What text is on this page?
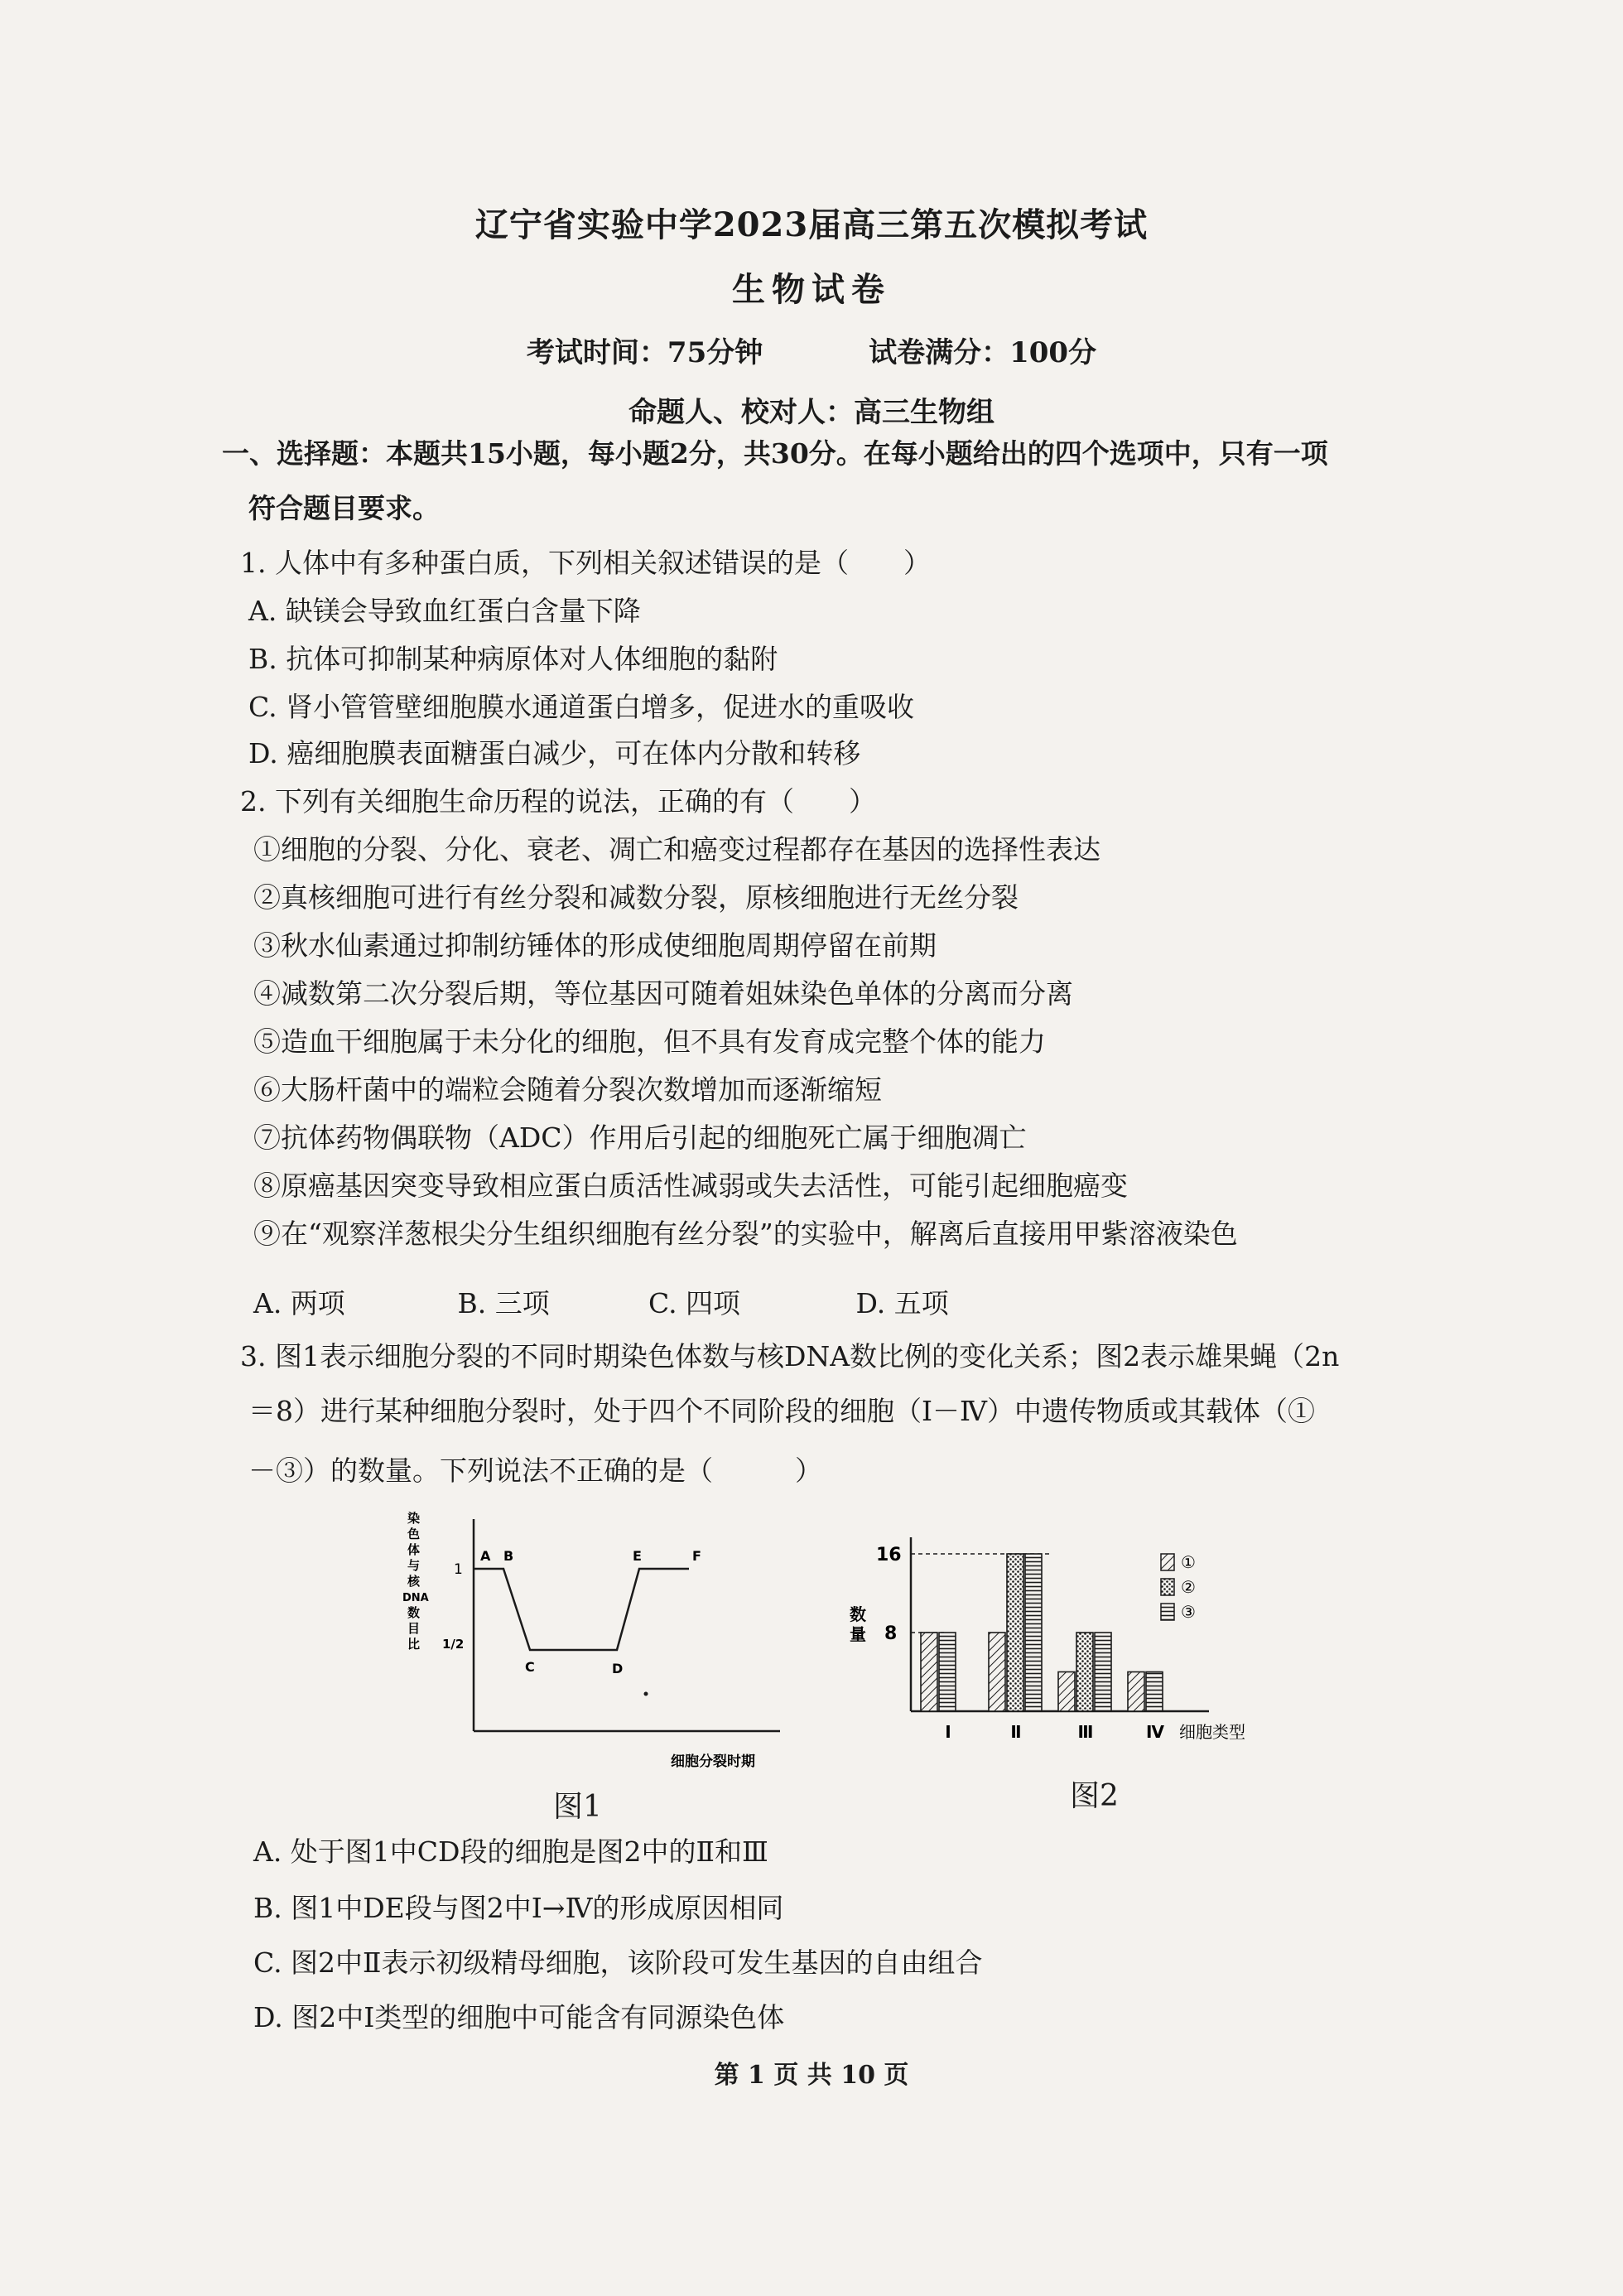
辽宁省实验中学2023届高三第五次模拟考试
生物试卷
考试时间：75分钟	试卷满分：100分
命题人、校对人：高三生物组
一、选择题：本题共15小题，每小题2分，共30分。在每小题给出的四个选项中，只有一项
符合题目要求。
1. 人体中有多种蛋白质，下列相关叙述错误的是（　　）
A. 缺镁会导致血红蛋白含量下降
B. 抗体可抑制某种病原体对人体细胞的黏附
C. 肾小管管壁细胞膜水通道蛋白增多，促进水的重吸收
D. 癌细胞膜表面糖蛋白减少，可在体内分散和转移
2. 下列有关细胞生命历程的说法，正确的有（　　）
①细胞的分裂、分化、衰老、凋亡和癌变过程都存在基因的选择性表达
②真核细胞可进行有丝分裂和减数分裂，原核细胞进行无丝分裂
③秋水仙素通过抑制纺锤体的形成使细胞周期停留在前期
④减数第二次分裂后期，等位基因可随着姐妹染色单体的分离而分离
⑤造血干细胞属于未分化的细胞，但不具有发育成完整个体的能力
⑥大肠杆菌中的端粒会随着分裂次数增加而逐渐缩短
⑦抗体药物偶联物（ADC）作用后引起的细胞死亡属于细胞凋亡
⑧原癌基因突变导致相应蛋白质活性减弱或失去活性，可能引起细胞癌变
⑨在“观察洋葱根尖分生组织细胞有丝分裂”的实验中，解离后直接用甲紫溶液染色
A. 两项	B. 三项	C. 四项	D. 五项
3. 图1表示细胞分裂的不同时期染色体数与核DNA数比例的变化关系；图2表示雄果蝇（2n
＝8）进行某种细胞分裂时，处于四个不同阶段的细胞（Ⅰ－Ⅳ）中遗传物质或其载体（①
－③）的数量。下列说法不正确的是（　　　）
染
色
体
与
核
DNA
数
目
比
1
1/2
A B
C	D
E	F
细胞分裂时期
图1
数
量
16
8
Ⅰ	Ⅱ	Ⅲ	Ⅳ 细胞类型
①
②
③
图2
A. 处于图1中CD段的细胞是图2中的Ⅱ和Ⅲ
B. 图1中DE段与图2中Ⅰ→Ⅳ的形成原因相同
C. 图2中Ⅱ表示初级精母细胞，该阶段可发生基因的自由组合
D. 图2中Ⅰ类型的细胞中可能含有同源染色体
第 1 页 共 10 页
